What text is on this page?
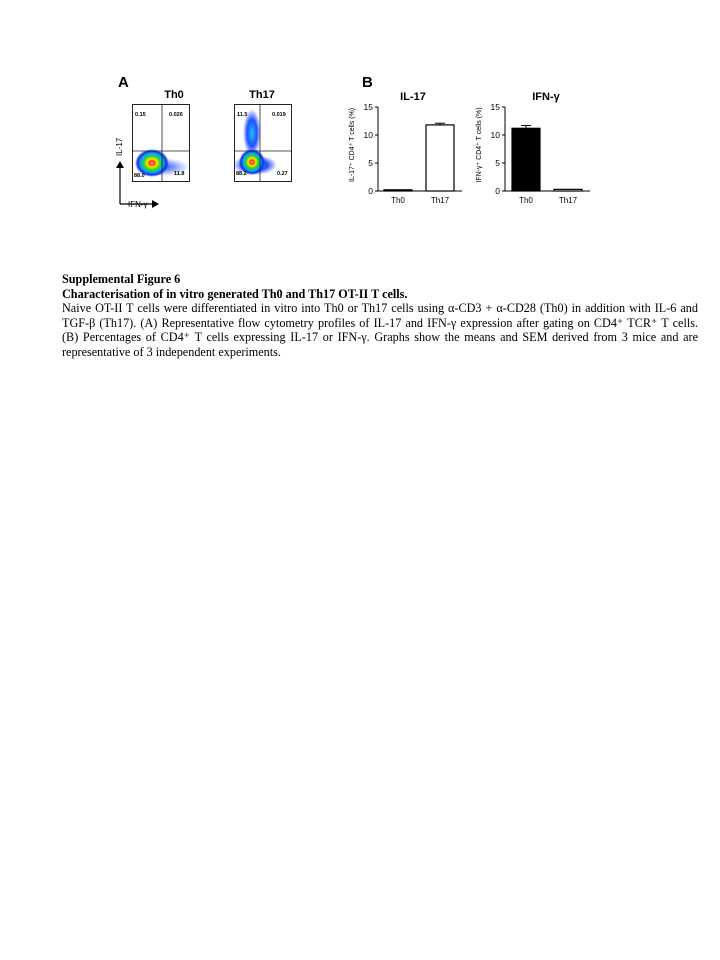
A
Th0	Th17
0.15	0.026
88.0	11.8
11.5	0.019
88.2	0.27
IL-17
IFN-γ
B
IL-17
0
5
10
15
IL-17⁺ CD4⁺ T cells (%)
Th0	Th17
IFN-γ
0
5
10
15
IFN-γ⁺ CD4⁺ T cells (%)
Th0	Th17

Supplemental Figure 6

Characterisation of in vitro generated Th0 and Th17 OT-II T cells.

Naive OT-II T cells were differentiated in vitro into Th0 or Th17 cells using α-CD3 + α-CD28 (Th0) in addition with IL-6 and TGF-β (Th17). (A) Representative flow cytometry profiles of IL-17 and IFN-γ expression after gating on CD4⁺ TCR⁺ T cells. (B) Percentages of CD4⁺ T cells expressing IL-17 or IFN-γ. Graphs show the means and SEM derived from 3 mice and are representative of 3 independent experiments.
